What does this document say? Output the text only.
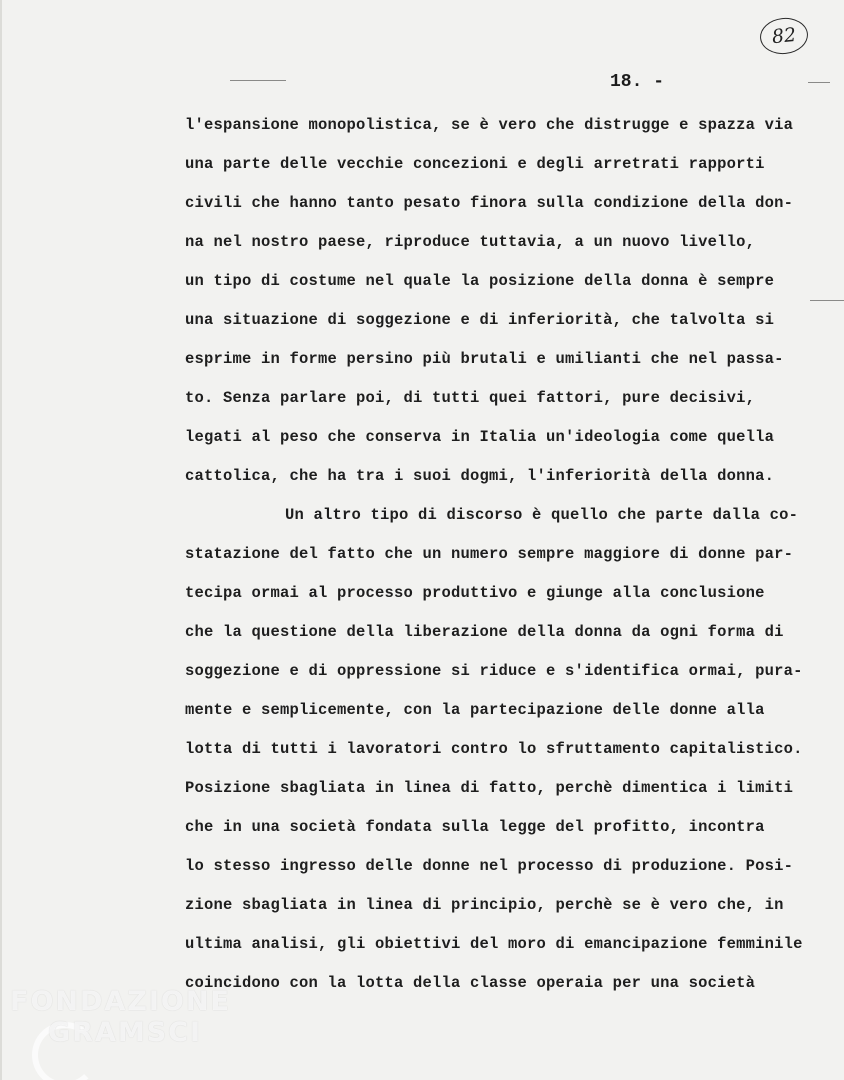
82
18. -
l'espansione monopolistica, se è vero che distrugge e spazza via
una parte delle vecchie concezioni e degli arretrati rapporti
civili che hanno tanto pesato finora sulla condizione della don-
na nel nostro paese, riproduce tuttavia, a un nuovo livello,
un tipo di costume nel quale la posizione della donna è sempre
una situazione di soggezione e di inferiorità, che talvolta si
esprime in forme persino più brutali e umilianti che nel passa-
to. Senza parlare poi, di tutti quei fattori, pure decisivi,
legati al peso che conserva in Italia un'ideologia come quella
cattolica, che ha tra i suoi dogmi, l'inferiorità della donna.
Un altro tipo di discorso è quello che parte dalla co-
statazione del fatto che un numero sempre maggiore di donne par-
tecipa ormai al processo produttivo e giunge alla conclusione
che la questione della liberazione della donna da ogni forma di
soggezione e di oppressione si riduce e s'identifica ormai, pura-
mente e semplicemente, con la partecipazione delle donne alla
lotta di tutti i lavoratori contro lo sfruttamento capitalistico.
Posizione sbagliata in linea di fatto, perchè dimentica i limiti
che in una società fondata sulla legge del profitto, incontra
lo stesso ingresso delle donne nel processo di produzione. Posi-
zione sbagliata in linea di principio, perchè se è vero che, in
ultima analisi, gli obiettivi del moro di emancipazione femminile
coincidono con la lotta della classe operaia per una società
FONDAZIONE
GRAMSCI
